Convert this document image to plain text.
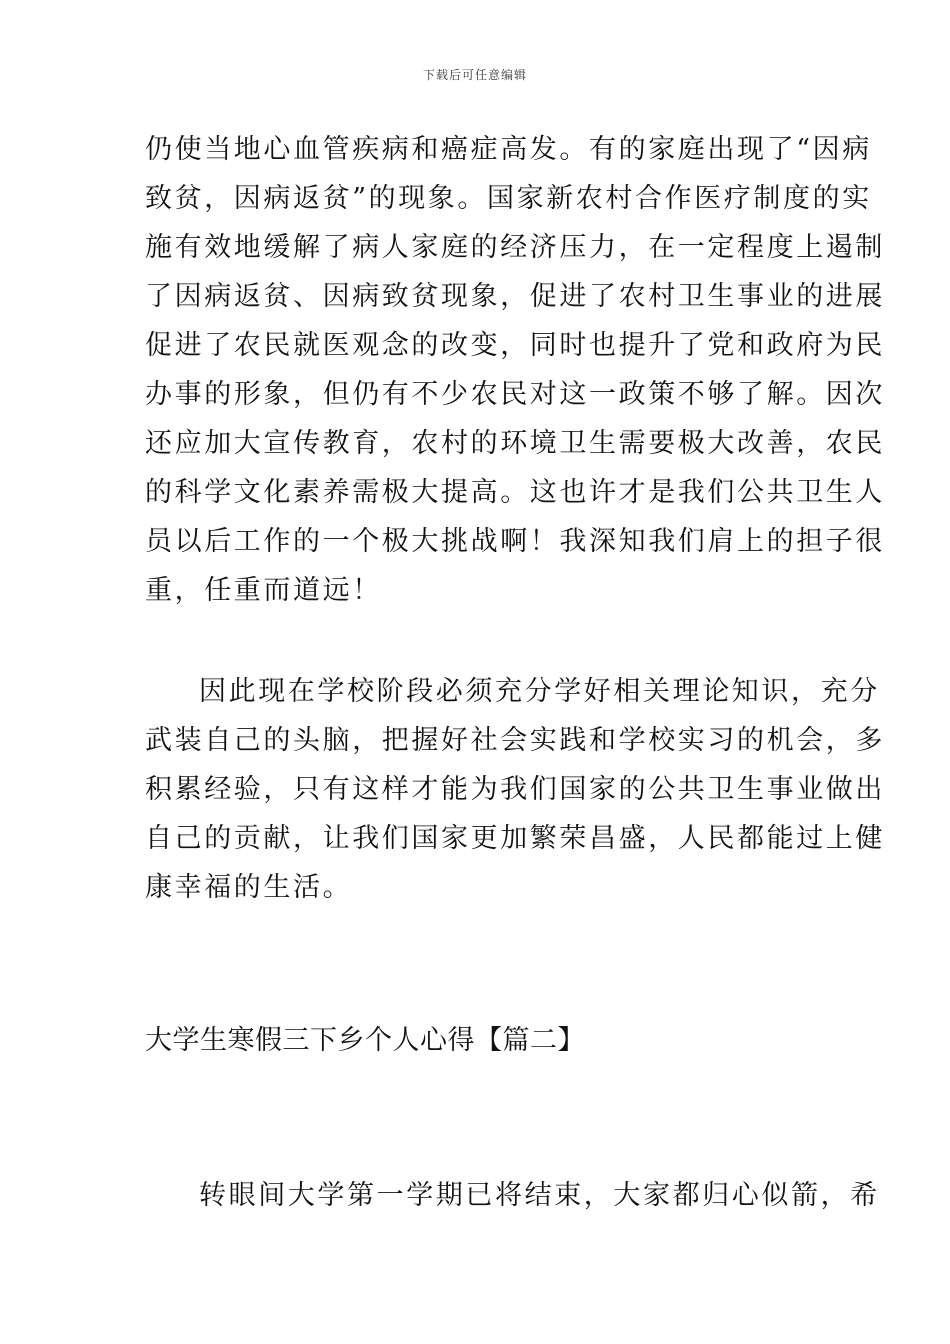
下载后可任意编辑
仍使当地心血管疾病和癌症高发。有的家庭出现了“因病
致贫，因病返贫”的现象。国家新农村合作医疗制度的实
施有效地缓解了病人家庭的经济压力，在一定程度上遏制
了因病返贫、因病致贫现象，促进了农村卫生事业的进展
促进了农民就医观念的改变，同时也提升了党和政府为民
办事的形象，但仍有不少农民对这一政策不够了解。因次
还应加大宣传教育，农村的环境卫生需要极大改善，农民
的科学文化素养需极大提高。这也许才是我们公共卫生人
员以后工作的一个极大挑战啊！我深知我们肩上的担子很
重，任重而道远！
因此现在学校阶段必须充分学好相关理论知识，充分
武装自己的头脑，把握好社会实践和学校实习的机会，多
积累经验，只有这样才能为我们国家的公共卫生事业做出
自己的贡献，让我们国家更加繁荣昌盛，人民都能过上健
康幸福的生活。
大学生寒假三下乡个人心得【篇二】
转眼间大学第一学期已将结束，大家都归心似箭，希
